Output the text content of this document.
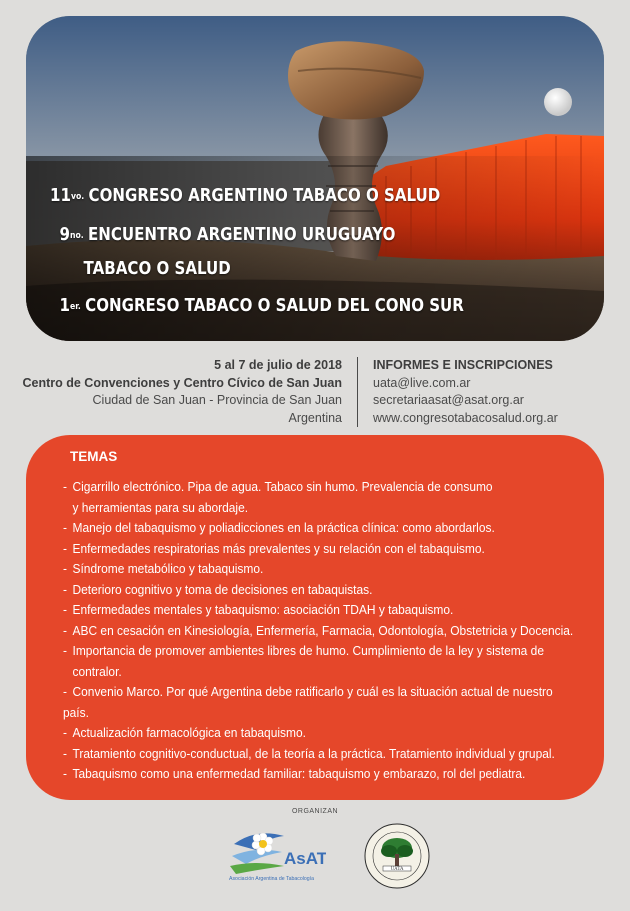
$11^{vo.}$ CONGRESO ARGENTINO TABACO O SALUD
$9^{no.}$ ENCUENTRO ARGENTINO URUGUAYO
TABACO O SALUD
$1^{er.}$ CONGRESO TABACO O SALUD DEL CONO SUR
5 al 7 de julio de 2018
Centro de Convenciones y Centro Cívico de San Juan
Ciudad de San Juan - Provincia de San Juan
Argentina
INFORMES E INSCRIPCIONES
uata@live.com.ar
secretariaasat@asat.org.ar
www.congresotabacosalud.org.ar
TEMAS
- Cigarrillo electrónico. Pipa de agua. Tabaco sin humo. Prevalencia de consumo
y herramientas para su abordaje.
- Manejo del tabaquismo y poliadicciones en la práctica clínica: como abordarlos.
- Enfermedades respiratorias más prevalentes y su relación con el tabaquismo.
- Síndrome metabólico y tabaquismo.
- Deterioro cognitivo y toma de decisiones en tabaquistas.
- Enfermedades mentales y tabaquismo: asociación TDAH y tabaquismo.
- ABC en cesación en Kinesiología, Enfermería, Farmacia, Odontología, Obstetricia y Docencia.
- Importancia de promover ambientes libres de humo. Cumplimiento de la ley y sistema de
contralor.
- Convenio Marco. Por qué Argentina debe ratificarlo y cuál es la situación actual de nuestro país.
- Actualización farmacológica en tabaquismo.
- Tratamiento cognitivo-conductual, de la teoría a la práctica. Tratamiento individual y grupal.
- Tabaquismo como una enfermedad familiar: tabaquismo y embarazo, rol del pediatra.
ORGANIZAN
AsAT
Asociación Argentina de Tabacología
UATA
